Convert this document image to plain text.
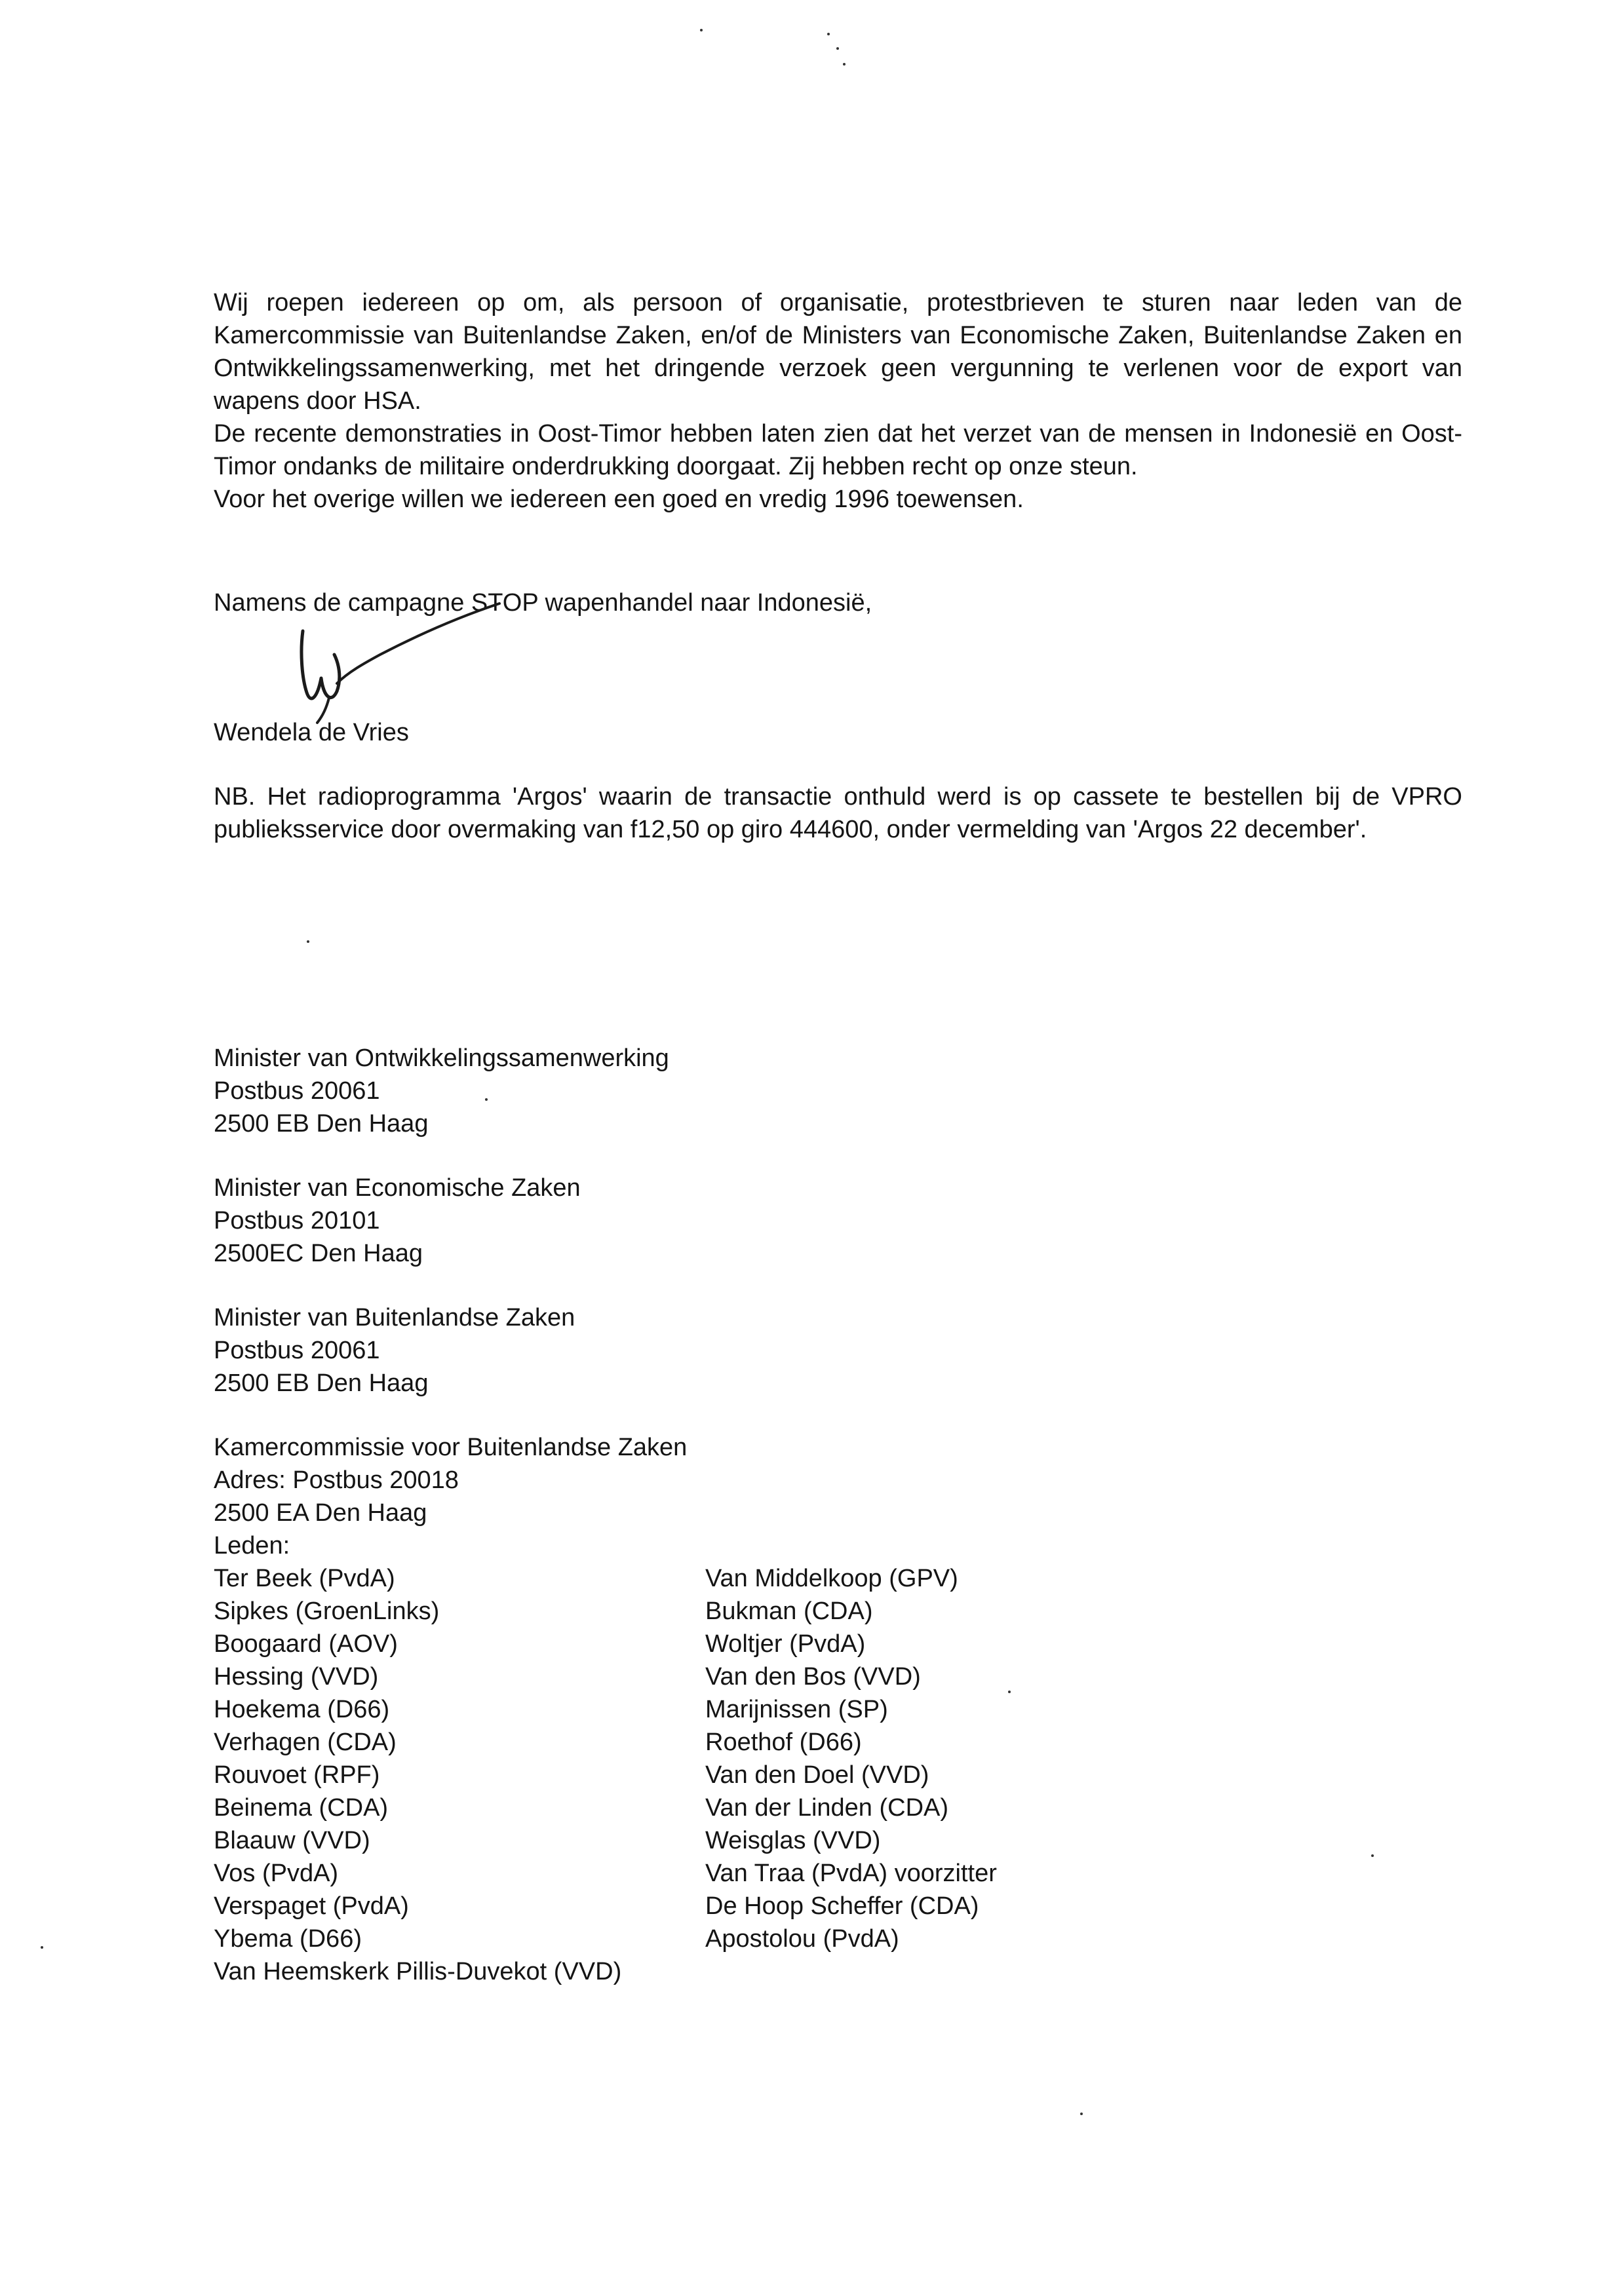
Wij roepen iedereen op om, als persoon of organisatie, protestbrieven te sturen naar leden van de Kamercommissie van Buitenlandse Zaken, en/of de Ministers van Economische Zaken, Buitenlandse Zaken en Ontwikkelingssamenwerking, met het dringende verzoek geen vergunning te verlenen voor de export van wapens door HSA.

De recente demonstraties in Oost-Timor hebben laten zien dat het verzet van de mensen in Indonesië en Oost-Timor ondanks de militaire onderdrukking doorgaat. Zij hebben recht op onze steun.

Voor het overige willen we iedereen een goed en vredig 1996 toewensen.

Namens de campagne STOP wapenhandel naar Indonesië,
Wendela de Vries
NB. Het radioprogramma 'Argos' waarin de transactie onthuld werd is op cassete te bestellen bij de VPRO publieksservice door overmaking van f12,50 op giro 444600, onder vermelding van 'Argos 22 december'.

Minister van Ontwikkelingssamenwerking

Postbus 20061

2500 EB Den Haag

Minister van Economische Zaken

Postbus 20101

2500EC Den Haag

Minister van Buitenlandse Zaken

Postbus 20061

2500 EB Den Haag

Kamercommissie voor Buitenlandse Zaken

Adres: Postbus 20018

2500 EA Den Haag

Leden:

Ter Beek (PvdA)
Sipkes (GroenLinks)
Boogaard (AOV)
Hessing (VVD)
Hoekema (D66)
Verhagen (CDA)
Rouvoet (RPF)
Beinema (CDA)
Blaauw (VVD)
Vos (PvdA)
Verspaget (PvdA)
Ybema (D66)
Van Heemskerk Pillis-Duvekot (VVD)
Van Middelkoop (GPV)
Bukman (CDA)
Woltjer (PvdA)
Van den Bos (VVD)
Marijnissen (SP)
Roethof (D66)
Van den Doel (VVD)
Van der Linden (CDA)
Weisglas (VVD)
Van Traa (PvdA) voorzitter
De Hoop Scheffer (CDA)
Apostolou (PvdA)
